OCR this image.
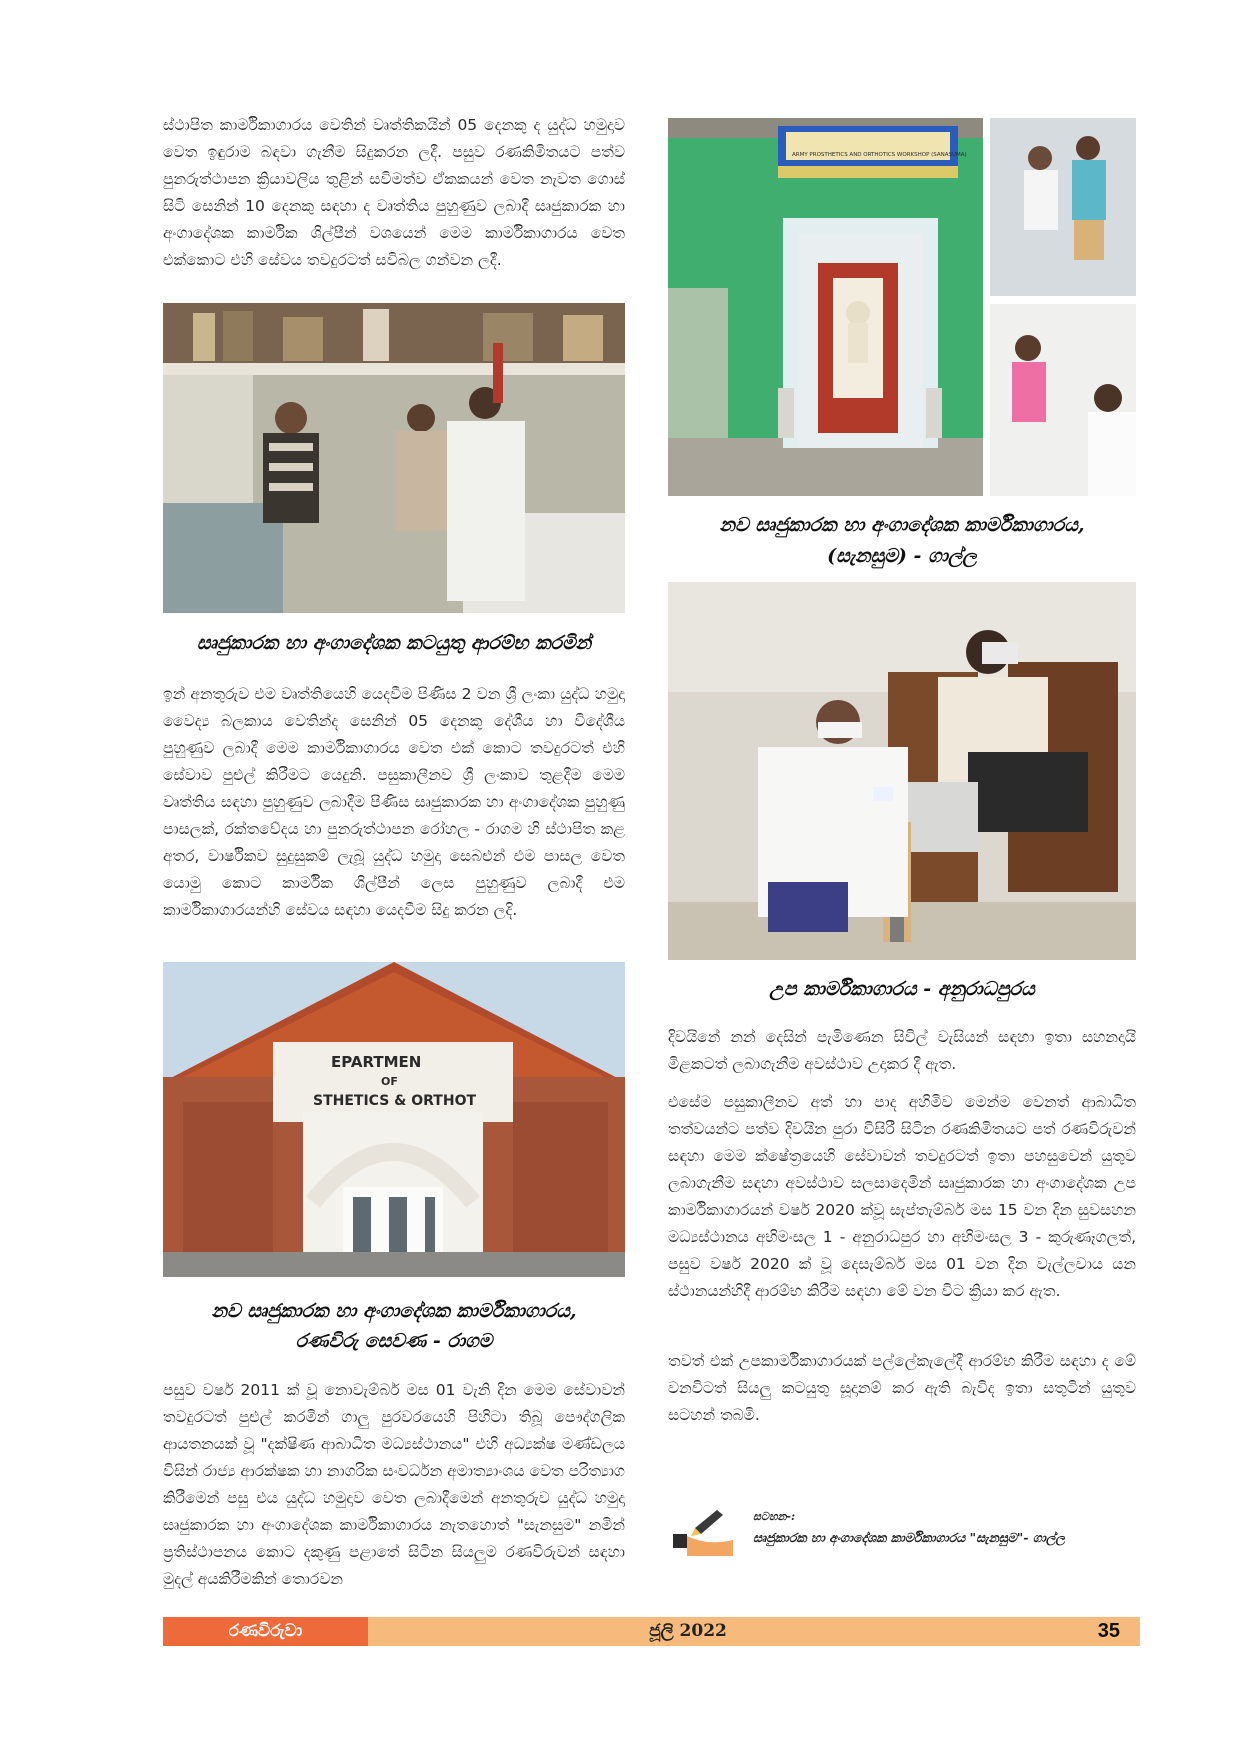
ස්ථාපිත කාර්මිකාගාරය වෙතින් වෘත්තිකයින් 05 දෙනකු ද යුද්ධ හමුදාව වෙත ඉඳුරාම බඳවා ගැනීම සිදුකරන ලදී. පසුව රණකිමිතයට පත්ව පුනරුත්ථාපන ක්‍රියාවලිය තුළින් සවිමත්ව ඒකකයන් වෙත නැවත ගොස් සිටි සෙනින් 10 දෙනකු සඳහා ද වෘත්තිය පුහුණුව ලබාදී සෘජුකාරක හා අංගාදේශක කාර්මික ශිල්පීන් වශයෙන් මෙම කාර්මිකාගාරය වෙත එක්කොට එහි සේවය තවදුරටත් සවිබල ගන්වන ලදී.

සෘජුකාරක හා අංගාදේශක කටයුතු ආරම්භ කරමින්

ඉන් අනතුරුව එම වෘත්තියෙහි යෙදවීම පිණිස 2 වන ශ්‍රී ලංකා යුද්ධ හමුදා වෛද්‍ය බලකාය වෙතින්ද සෙනින් 05 දෙනකු දේශීය හා විදේශීය පුහුණුව ලබාදී මෙම කාර්මිකාගාරය වෙත එක් කොට තවදුරටත් එහි සේවාව පුළුල් කිරීමට යෙදුනි. පසුකාලීනව ශ්‍රී ලංකාව තුළදීම මෙම වෘත්තිය සඳහා පුහුණුව ලබාදීම පිණිස සෘජුකාරක හා අංගාදේශක පුහුණු පාසලක්, රක්තවේදය හා පුනරුත්ථාපන රෝහල - රාගම හි ස්ථාපිත කළ අතර, වාර්ෂිකව සුදුසුකම් ලැබූ යුද්ධ හමුදා සෙබළුන් එම පාසල වෙත යොමු කොට කාර්මික ශිල්පීන් ලෙස පුහුණුව ලබාදී එම කාර්මිකාගාරයන්හි සේවය සඳහා යෙදවීම සිදු කරන ලදි.

EPARTMEN
OF
STHETICS & ORTHOT

නව සෘජුකාරක හා අංගාදේශක කාර්මිකාගාරය,

රණවිරු සෙවණ - රාගම

පසුව වර්ෂ 2011 ක් වූ නොවැම්බර් මස 01 වැනි දින මෙම සේවාවන් තවදුරටත් පුළුල් කරමින් ගාලු පුරවරයෙහි පිහිටා තිබූ පෞද්ගලික ආයතනයක් වූ "දක්ෂිණ ආබාධිත මධ්‍යස්ථානය" එහි අධ්‍යක්ෂ මණ්ඩලය විසින් රාජ්‍ය ආරක්ෂක හා නාගරික සංවර්ධන අමාත්‍යාංශය වෙත පරිත්‍යාග කිරීමෙන් පසු එය යුද්ධ හමුදාව වෙත ලබාදීමෙන් අනතුරුව යුද්ධ හමුදා සෘජුකාරක හා අංගාදේශක කාර්මිකාගාරය නැතහොත් "සැනසුම" නමින් ප්‍රතිස්ථාපනය කොට දකුණු පළාතේ සිටින සියලුම රණවිරුවන් සඳහා මුදල් අයකිරීමකින් තොරවන

ARMY PROSTHETICS AND ORTHOTICS WORKSHOP (SANASUMA)

නව සෘජුකාරක හා අංගාදේශක කාර්මිකාගාරය,

(සැනසුම) - ගාල්ල

උප කාර්මිකාගාරය - අනුරාධපුරය

දිවයිනේ නන් දෙසින් පැමිණෙන සිවිල් වැසියන් සඳහා ඉතා සහනදායි මිළකටත් ලබාගැනීම අවස්ථාව උදාකර දී ඇත.

එසේම පසුකාලීනව අත් හා පාද අහිමිව මෙන්ම වෙනත් ආබාධිත තත්වයන්ට පත්ව දිවයින පුරා විසිරී සිටින රණකිමිතයට පත් රණවිරුවන් සඳහා මෙම ක්ෂේත්‍රයෙහි සේවාවන් තවදුරටත් ඉතා පහසුවෙන් යුතුව ලබාගැනීම සඳහා අවස්ථාව සලසාදෙමින් සෘජුකාරක හා අංගාදේශක උප කාර්මිකාගාරයන් වර්ෂ 2020 ක්වූ සැප්තැම්බර් මස 15 වන දින සුවසහන මධ්‍යස්ථානය අභිමංසල 1 - අනුරාධපුර හා අභිමංසල 3 - කුරුණෑගලත්, පසුව වර්ෂ 2020 ක් වූ දෙසැම්බර් මස 01 වන දින වැල්ලවාය යන ස්ථානයන්හිදී ආරම්භ කිරීම සඳහා මේ වන විට ක්‍රියා කර ඇත.

තවත් එක් උපකාර්මිකාගාරයක් පල්ලේකැලේදී ආරම්භ කිරීම සඳහා ද මේ වනවිටත් සියලු කටයුතු සූදානම් කර ඇති බැවිද ඉතා සතුටින් යුතුව සටහන් තබමි.

සටහන-:
සෘජුකාරක හා අංගාදේශක කාර්මිකාගාරය "සැනසුම"- ගාල්ල
රණවිරුවා	ජූලි 2022	35
